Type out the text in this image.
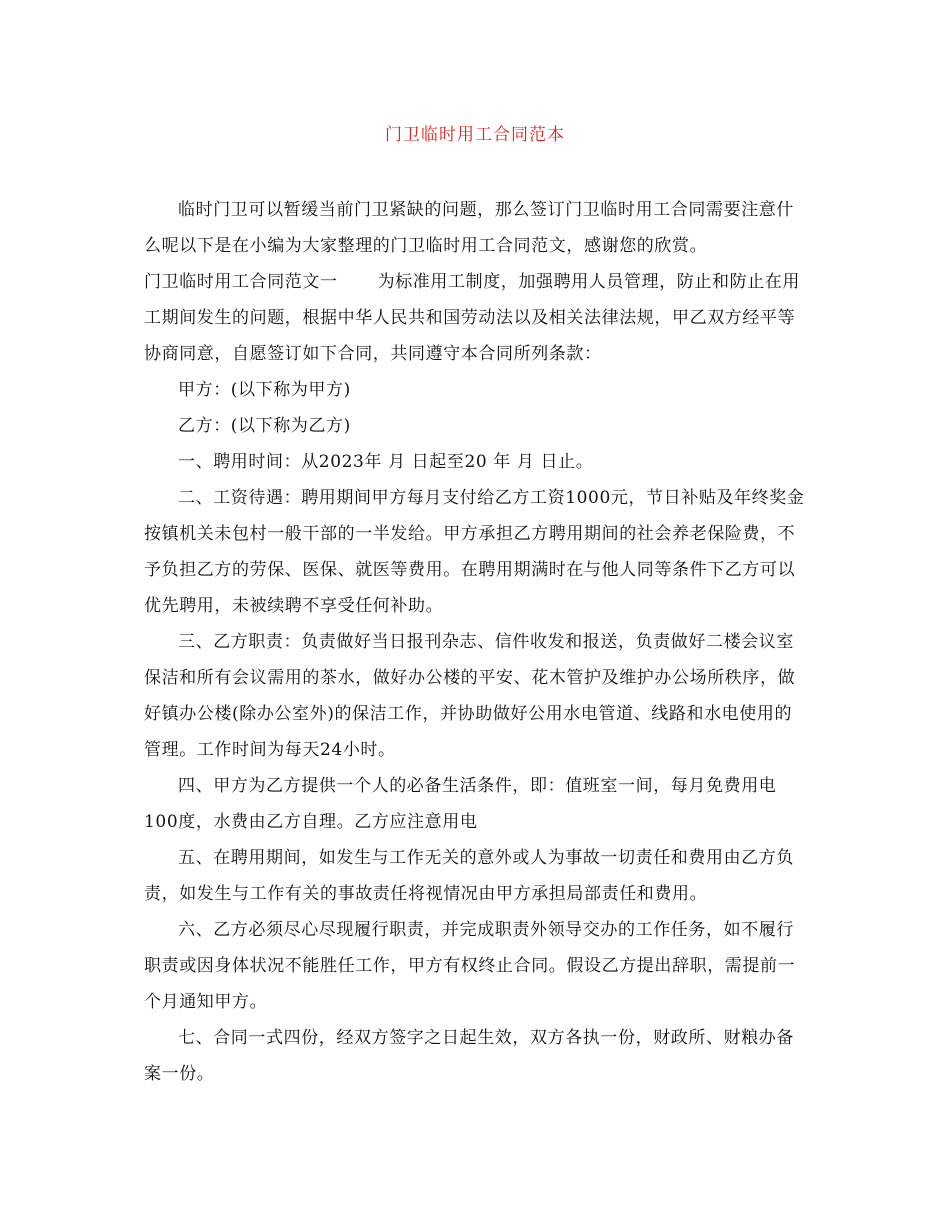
门卫临时用工合同范本

临时门卫可以暂缓当前门卫紧缺的问题，那么签订门卫临时用工合同需要注意什么呢以下是在小编为大家整理的门卫临时用工合同范文，感谢您的欣赏。

门卫临时用工合同范文一 为标准用工制度，加强聘用人员管理，防止和防止在用工期间发生的问题，根据中华人民共和国劳动法以及相关法律法规，甲乙双方经平等协商同意，自愿签订如下合同，共同遵守本合同所列条款：

甲方：(以下称为甲方)

乙方：(以下称为乙方)

一、聘用时间：从2023年 月 日起至20 年 月 日止。

二、工资待遇：聘用期间甲方每月支付给乙方工资1000元，节日补贴及年终奖金按镇机关未包村一般干部的一半发给。甲方承担乙方聘用期间的社会养老保险费，不予负担乙方的劳保、医保、就医等费用。在聘用期满时在与他人同等条件下乙方可以优先聘用，未被续聘不享受任何补助。

三、乙方职责：负责做好当日报刊杂志、信件收发和报送，负责做好二楼会议室保洁和所有会议需用的茶水，做好办公楼的平安、花木管护及维护办公场所秩序，做好镇办公楼(除办公室外)的保洁工作，并协助做好公用水电管道、线路和水电使用的管理。工作时间为每天24小时。

四、甲方为乙方提供一个人的必备生活条件，即：值班室一间，每月免费用电100度，水费由乙方自理。乙方应注意用电

五、在聘用期间，如发生与工作无关的意外或人为事故一切责任和费用由乙方负责，如发生与工作有关的事故责任将视情况由甲方承担局部责任和费用。

六、乙方必须尽心尽现履行职责，并完成职责外领导交办的工作任务，如不履行职责或因身体状况不能胜任工作，甲方有权终止合同。假设乙方提出辞职，需提前一个月通知甲方。

七、合同一式四份，经双方签字之日起生效，双方各执一份，财政所、财粮办备案一份。
